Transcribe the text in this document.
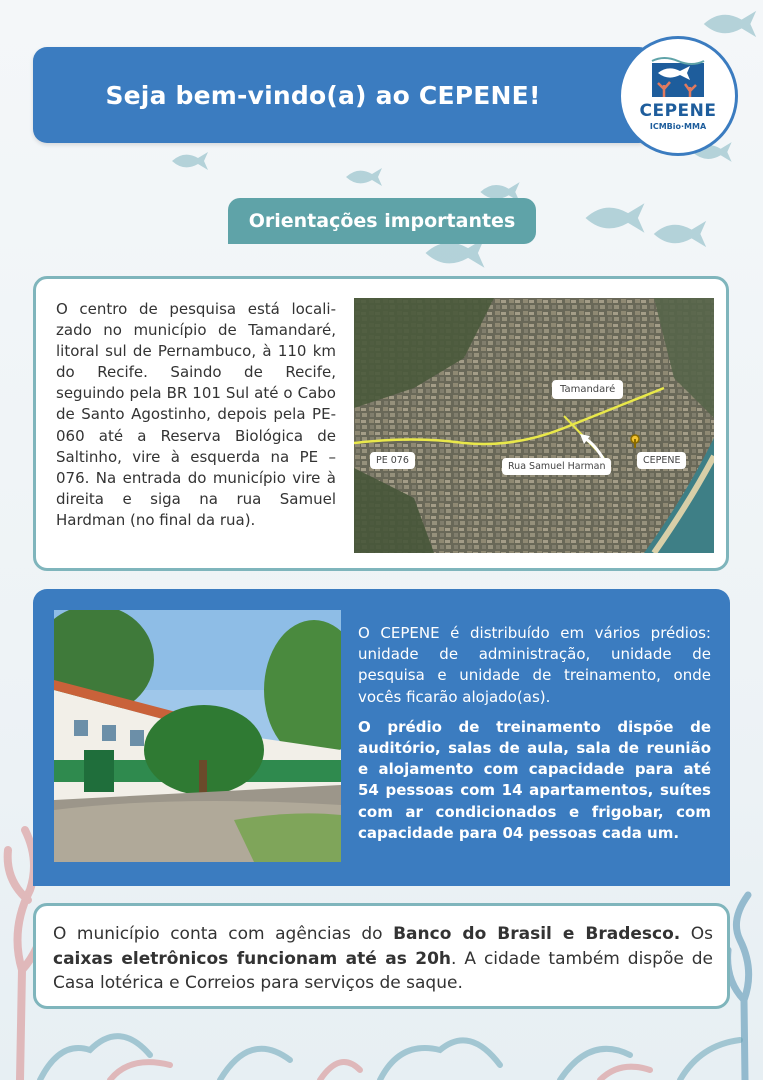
Seja bem-vindo(a) ao CEPENE!
CEPENE
ICMBio·MMA
Orientações importantes
O centro de pesquisa está locali-zado no município de Tamandaré, litoral sul de Pernambuco, à 110 km do Recife. Saindo de Recife, seguindo pela BR 101 Sul até o Cabo de Santo Agostinho, depois pela PE-060 até a Reserva Biológica de Saltinho, vire à esquerda na PE – 076. Na entrada do município vire à direita e siga na rua Samuel Hardman (no final da rua).
Tamandaré
PE 076
Rua Samuel Harman
CEPENE

O CEPENE é distribuído em vários prédios: unidade de administração, unidade de pesquisa e unidade de treinamento, onde vocês ficarão alojado(as).

O prédio de treinamento dispõe de auditório, salas de aula, sala de reunião e alojamento com capacidade para até 54 pessoas com 14 apartamentos, suítes com ar condicionados e frigobar, com capacidade para 04 pessoas cada um.

O município conta com agências do Banco do Brasil e Bradesco. Os caixas eletrônicos funcionam até as 20h. A cidade também dispõe de Casa lotérica e Correios para serviços de saque.
